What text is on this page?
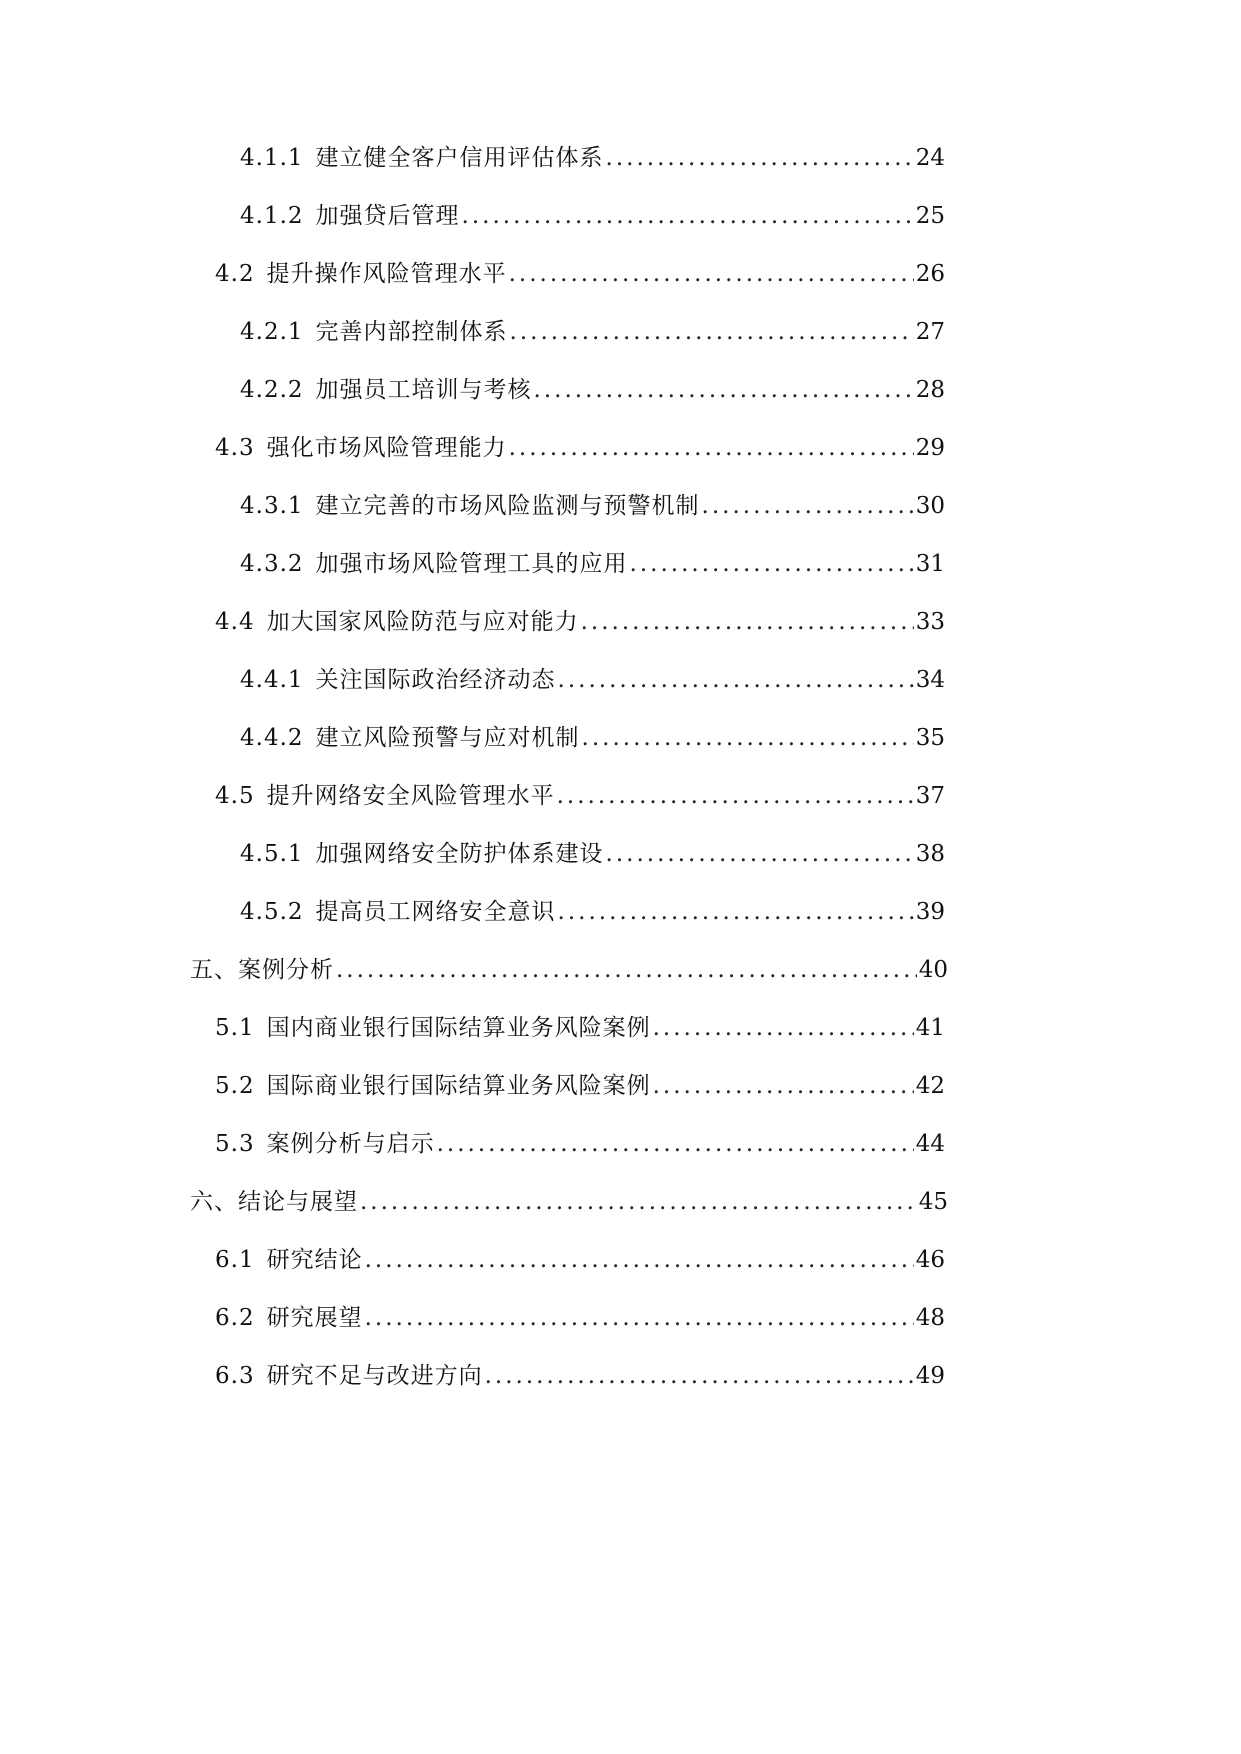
4.1.1 建立健全客户信用评估体系 .....	24
4.1.2 加强贷后管理 .....	25
4.2 提升操作风险管理水平 .....	26
4.2.1 完善内部控制体系 .....	27
4.2.2 加强员工培训与考核 .....	28
4.3 强化市场风险管理能力 .....	29
4.3.1 建立完善的市场风险监测与预警机制 .....	30
4.3.2 加强市场风险管理工具的应用 .....	31
4.4 加大国家风险防范与应对能力 .....	33
4.4.1 关注国际政治经济动态 .....	34
4.4.2 建立风险预警与应对机制 .....	35
4.5 提升网络安全风险管理水平 .....	37
4.5.1 加强网络安全防护体系建设 .....	38
4.5.2 提高员工网络安全意识 .....	39
五、案例分析 .....	40
5.1 国内商业银行国际结算业务风险案例 .....	41
5.2 国际商业银行国际结算业务风险案例 .....	42
5.3 案例分析与启示 .....	44
六、结论与展望 .....	45
6.1 研究结论 .....	46
6.2 研究展望 .....	48
6.3 研究不足与改进方向 .....	49
